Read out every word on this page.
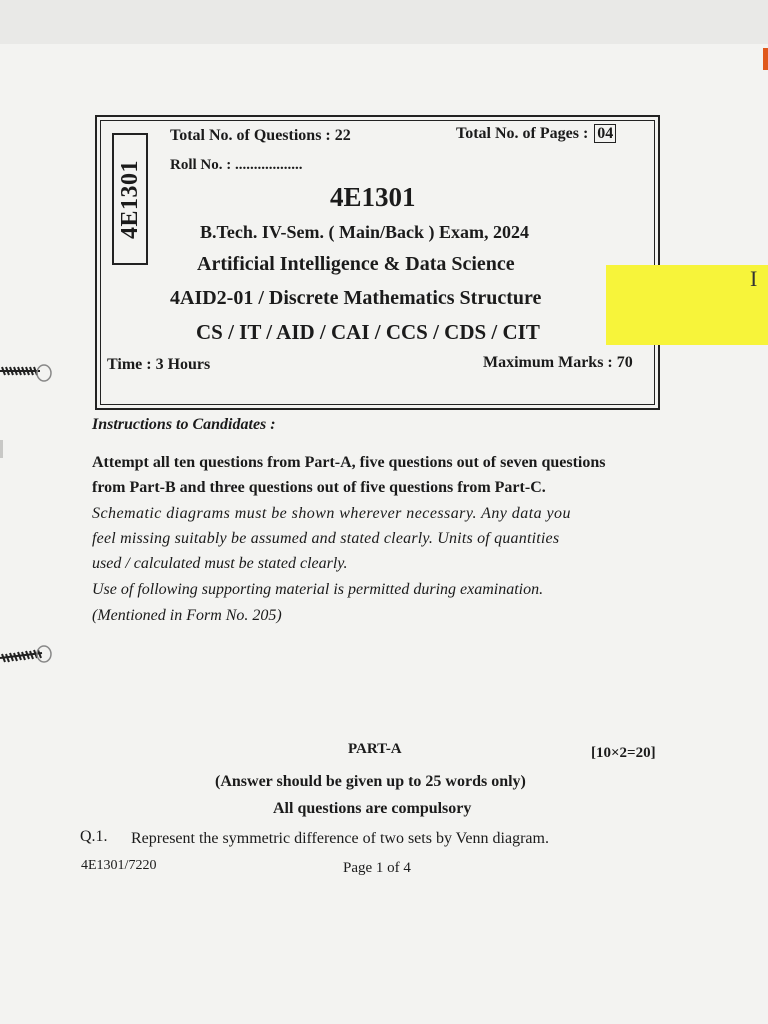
4E1301
Total No. of Questions : 22	Total No. of Pages : 04
Roll No. : ..................
4E1301
B.Tech. IV-Sem. ( Main/Back ) Exam, 2024
Artificial Intelligence & Data Science
I
4AID2-01 / Discrete Mathematics Structure
CS / IT / AID / CAI / CCS / CDS / CIT
Time : 3 Hours	Maximum Marks : 70
Instructions to Candidates :
Attempt all ten questions from Part-A, five questions out of seven questions
from Part-B and three questions out of five questions from Part-C.
Schematic diagrams must be shown wherever necessary. Any data you
feel missing suitably be assumed and stated clearly. Units of quantities
used / calculated must be stated clearly.
Use of following supporting material is permitted during examination.
(Mentioned in Form No. 205)
PART-A	[10×2=20]
(Answer should be given up to 25 words only)
All questions are compulsory
Q.1. Represent the symmetric difference of two sets by Venn diagram.
4E1301/7220	Page 1 of 4
